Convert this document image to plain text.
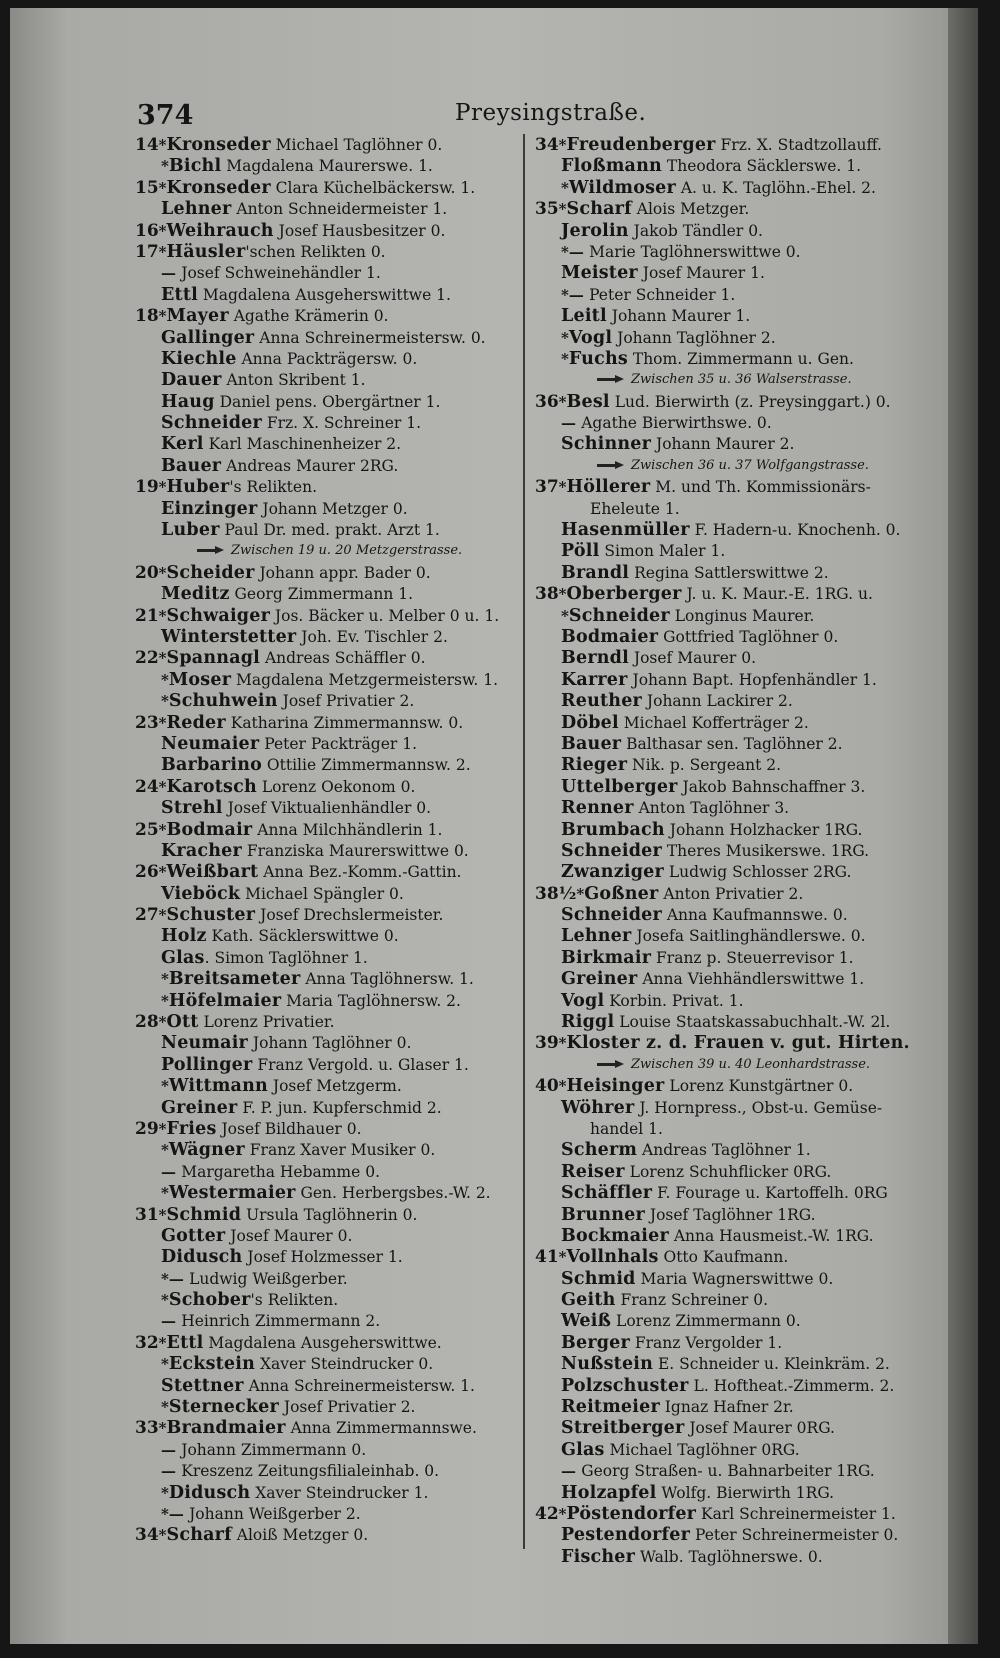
374	Preysingstraße.
14*Kronseder Michael Taglöhner 0.
*Bichl Magdalena Maurerswe. 1.
15*Kronseder Clara Küchelbäckersw. 1.
Lehner Anton Schneidermeister 1.
16*Weihrauch Josef Hausbesitzer 0.
17*Häusler'schen Relikten 0.
— Josef Schweinehändler 1.
Ettl Magdalena Ausgeherswittwe 1.
18*Mayer Agathe Krämerin 0.
Gallinger Anna Schreinermeistersw. 0.
Kiechle Anna Packträgersw. 0.
Dauer Anton Skribent 1.
Haug Daniel pens. Obergärtner 1.
Schneider Frz. X. Schreiner 1.
Kerl Karl Maschinenheizer 2.
Bauer Andreas Maurer 2RG.
19*Huber's Relikten.
Einzinger Johann Metzger 0.
Luber Paul Dr. med. prakt. Arzt 1.
Zwischen 19 u. 20 Metzgerstrasse.
20*Scheider Johann appr. Bader 0.
Meditz Georg Zimmermann 1.
21*Schwaiger Jos. Bäcker u. Melber 0 u. 1.
Winterstetter Joh. Ev. Tischler 2.
22*Spannagl Andreas Schäffler 0.
*Moser Magdalena Metzgermeistersw. 1.
*Schuhwein Josef Privatier 2.
23*Reder Katharina Zimmermannsw. 0.
Neumaier Peter Packträger 1.
Barbarino Ottilie Zimmermannsw. 2.
24*Karotsch Lorenz Oekonom 0.
Strehl Josef Viktualienhändler 0.
25*Bodmair Anna Milchhändlerin 1.
Kracher Franziska Maurerswittwe 0.
26*Weißbart Anna Bez.-Komm.-Gattin.
Vieböck Michael Spängler 0.
27*Schuster Josef Drechslermeister.
Holz Kath. Säcklerswittwe 0.
Glas. Simon Taglöhner 1.
*Breitsameter Anna Taglöhnersw. 1.
*Höfelmaier Maria Taglöhnersw. 2.
28*Ott Lorenz Privatier.
Neumair Johann Taglöhner 0.
Pollinger Franz Vergold. u. Glaser 1.
*Wittmann Josef Metzgerm.
Greiner F. P. jun. Kupferschmid 2.
29*Fries Josef Bildhauer 0.
*Wägner Franz Xaver Musiker 0.
— Margaretha Hebamme 0.
*Westermaier Gen. Herbergsbes.-W. 2.
31*Schmid Ursula Taglöhnerin 0.
Gotter Josef Maurer 0.
Didusch Josef Holzmesser 1.
*— Ludwig Weißgerber.
*Schober's Relikten.
— Heinrich Zimmermann 2.
32*Ettl Magdalena Ausgeherswittwe.
*Eckstein Xaver Steindrucker 0.
Stettner Anna Schreinermeistersw. 1.
*Sternecker Josef Privatier 2.
33*Brandmaier Anna Zimmermannswe.
— Johann Zimmermann 0.
— Kreszenz Zeitungsfilialeinhab. 0.
*Didusch Xaver Steindrucker 1.
*— Johann Weißgerber 2.
34*Scharf Aloiß Metzger 0.
34*Freudenberger Frz. X. Stadtzollauff.
Floßmann Theodora Säcklerswe. 1.
*Wildmoser A. u. K. Taglöhn.-Ehel. 2.
35*Scharf Alois Metzger.
Jerolin Jakob Tändler 0.
*— Marie Taglöhnerswittwe 0.
Meister Josef Maurer 1.
*— Peter Schneider 1.
Leitl Johann Maurer 1.
*Vogl Johann Taglöhner 2.
*Fuchs Thom. Zimmermann u. Gen.
Zwischen 35 u. 36 Walserstrasse.
36*Besl Lud. Bierwirth (z. Preysinggart.) 0.
— Agathe Bierwirthswe. 0.
Schinner Johann Maurer 2.
Zwischen 36 u. 37 Wolfgangstrasse.
37*Höllerer M. und Th. Kommissionärs-
Eheleute 1.
Hasenmüller F. Hadern-u. Knochenh. 0.
Pöll Simon Maler 1.
Brandl Regina Sattlerswittwe 2.
38*Oberberger J. u. K. Maur.-E. 1RG. u.
*Schneider Longinus Maurer.
Bodmaier Gottfried Taglöhner 0.
Berndl Josef Maurer 0.
Karrer Johann Bapt. Hopfenhändler 1.
Reuther Johann Lackirer 2.
Döbel Michael Kofferträger 2.
Bauer Balthasar sen. Taglöhner 2.
Rieger Nik. p. Sergeant 2.
Uttelberger Jakob Bahnschaffner 3.
Renner Anton Taglöhner 3.
Brumbach Johann Holzhacker 1RG.
Schneider Theres Musikerswe. 1RG.
Zwanziger Ludwig Schlosser 2RG.
38½*Goßner Anton Privatier 2.
Schneider Anna Kaufmannswe. 0.
Lehner Josefa Saitlinghändlerswe. 0.
Birkmair Franz p. Steuerrevisor 1.
Greiner Anna Viehhändlerswittwe 1.
Vogl Korbin. Privat. 1.
Riggl Louise Staatskassabuchhalt.-W. 2l.
39*Kloster z. d. Frauen v. gut. Hirten.
Zwischen 39 u. 40 Leonhardstrasse.
40*Heisinger Lorenz Kunstgärtner 0.
Wöhrer J. Hornpress., Obst-u. Gemüse-
handel 1.
Scherm Andreas Taglöhner 1.
Reiser Lorenz Schuhflicker 0RG.
Schäffler F. Fourage u. Kartoffelh. 0RG
Brunner Josef Taglöhner 1RG.
Bockmaier Anna Hausmeist.-W. 1RG.
41*Vollnhals Otto Kaufmann.
Schmid Maria Wagnerswittwe 0.
Geith Franz Schreiner 0.
Weiß Lorenz Zimmermann 0.
Berger Franz Vergolder 1.
Nußstein E. Schneider u. Kleinkräm. 2.
Polzschuster L. Hoftheat.-Zimmerm. 2.
Reitmeier Ignaz Hafner 2r.
Streitberger Josef Maurer 0RG.
Glas Michael Taglöhner 0RG.
— Georg Straßen- u. Bahnarbeiter 1RG.
Holzapfel Wolfg. Bierwirth 1RG.
42*Pöstendorfer Karl Schreinermeister 1.
Pestendorfer Peter Schreinermeister 0.
Fischer Walb. Taglöhnerswe. 0.
